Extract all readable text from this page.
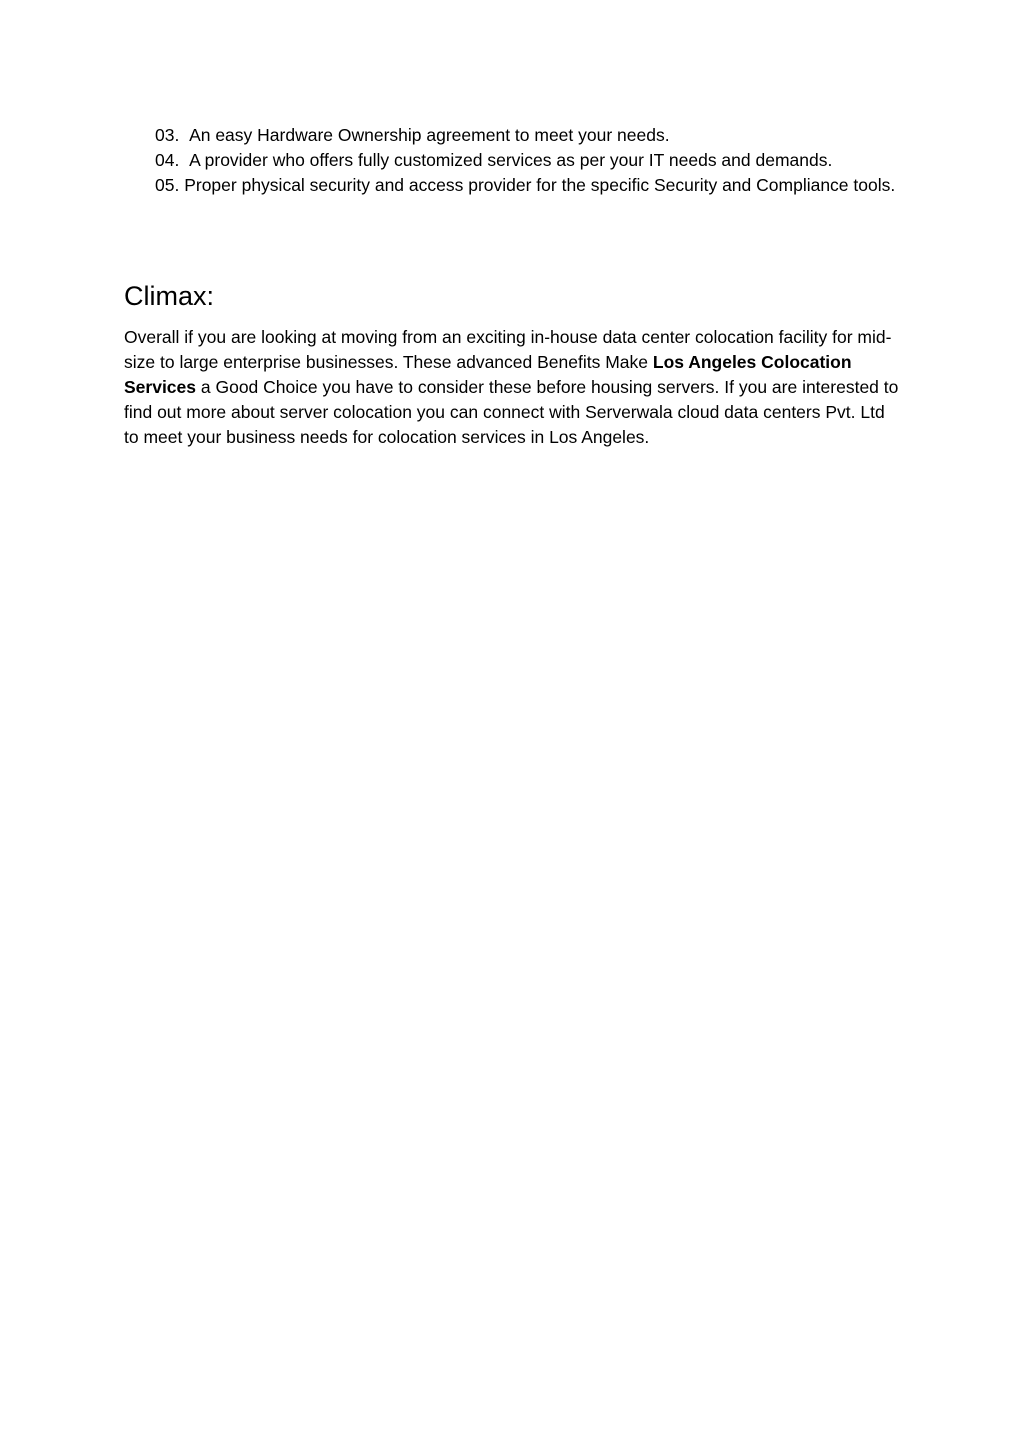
03. An easy Hardware Ownership agreement to meet your needs.
04. A provider who offers fully customized services as per your IT needs and demands.
05. Proper physical security and access provider for the specific Security and Compliance tools.
Climax:

Overall if you are looking at moving from an exciting in-house data center colocation facility for mid-size to large enterprise businesses. These advanced Benefits Make Los Angeles Colocation Services a Good Choice you have to consider these before housing servers. If you are interested to find out more about server colocation you can connect with Serverwala cloud data centers Pvt. Ltd to meet your business needs for colocation services in Los Angeles.
